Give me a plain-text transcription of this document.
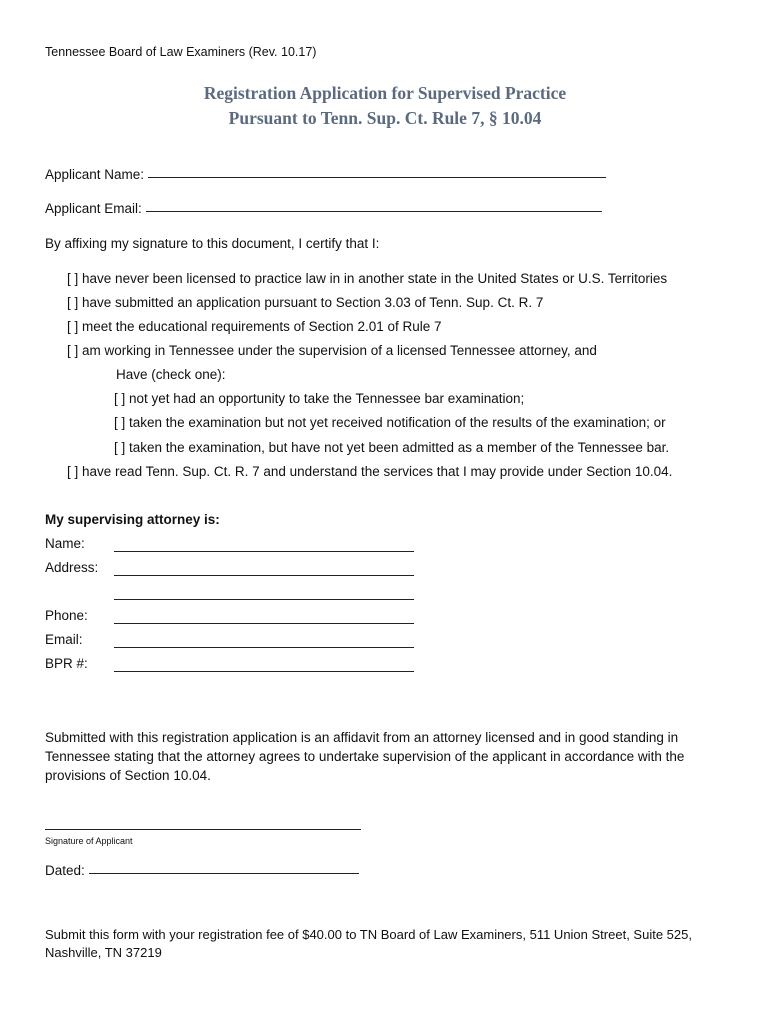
Tennessee Board of Law Examiners (Rev. 10.17)
Registration Application for Supervised Practice
Pursuant to Tenn. Sup. Ct. Rule 7, § 10.04
Applicant Name:
Applicant Email:
By affixing my signature to this document, I certify that I:
[ ] have never been licensed to practice law in in another state in the United States or U.S. Territories
[ ] have submitted an application pursuant to Section 3.03 of Tenn. Sup. Ct. R. 7
[ ] meet the educational requirements of Section 2.01 of Rule 7
[ ] am working in Tennessee under the supervision of a licensed Tennessee attorney, and
Have (check one):
[ ] not yet had an opportunity to take the Tennessee bar examination;
[ ] taken the examination but not yet received notification of the results of the examination; or
[ ] taken the examination, but have not yet been admitted as a member of the Tennessee bar.
[ ] have read Tenn. Sup. Ct. R. 7 and understand the services that I may provide under Section 10.04.
My supervising attorney is:
Name:
Address:
Phone:
Email:
BPR #:
Submitted with this registration application is an affidavit from an attorney licensed and in good standing in Tennessee stating that the attorney agrees to undertake supervision of the applicant in accordance with the provisions of Section 10.04.
Signature of Applicant
Dated:
Submit this form with your registration fee of $40.00 to TN Board of Law Examiners, 511 Union Street, Suite 525, Nashville, TN 37219
